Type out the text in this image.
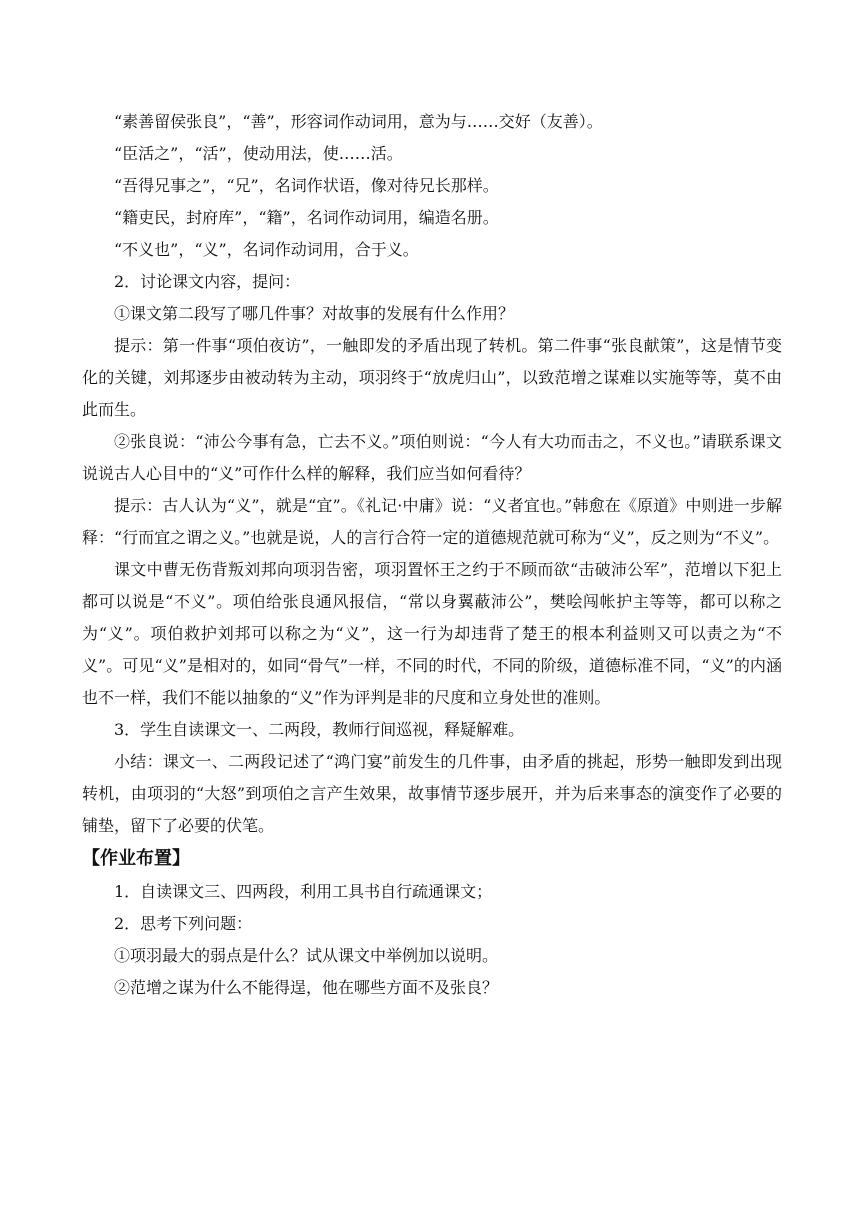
“素善留侯张良”，“善”，形容词作动词用，意为与……交好（友善）。

“臣活之”，“活”，使动用法，使……活。

“吾得兄事之”，“兄”，名词作状语，像对待兄长那样。

“籍吏民，封府库”，“籍”，名词作动词用，编造名册。

“不义也”，“义”，名词作动词用，合于义。

2．讨论课文内容，提问：

①课文第二段写了哪几件事？对故事的发展有什么作用？

提示：第一件事“项伯夜访”，一触即发的矛盾出现了转机。第二件事“张良献策”，这是情节变化的关键，刘邦逐步由被动转为主动，项羽终于“放虎归山”，以致范增之谋难以实施等等，莫不由此而生。

②张良说：“沛公今事有急，亡去不义。”项伯则说：“今人有大功而击之，不义也。”请联系课文说说古人心目中的“义”可作什么样的解释，我们应当如何看待？

提示：古人认为“义”，就是“宜”。《礼记·中庸》说：“义者宜也。”韩愈在《原道》中则进一步解释：“行而宜之谓之义。”也就是说，人的言行合符一定的道德规范就可称为“义”，反之则为“不义”。

课文中曹无伤背叛刘邦向项羽告密，项羽置怀王之约于不顾而欲“击破沛公军”，范增以下犯上都可以说是“不义”。项伯给张良通风报信，“常以身翼蔽沛公”，樊哙闯帐护主等等，都可以称之为“义”。项伯救护刘邦可以称之为“义”，这一行为却违背了楚王的根本利益则又可以责之为“不义”。可见“义”是相对的，如同“骨气”一样，不同的时代，不同的阶级，道德标准不同，“义”的内涵也不一样，我们不能以抽象的“义”作为评判是非的尺度和立身处世的准则。

3．学生自读课文一、二两段，教师行间巡视，释疑解难。

小结：课文一、二两段记述了“鸿门宴”前发生的几件事，由矛盾的挑起，形势一触即发到出现转机，由项羽的“大怒”到项伯之言产生效果，故事情节逐步展开，并为后来事态的演变作了必要的铺垫，留下了必要的伏笔。

【作业布置】

1．自读课文三、四两段，利用工具书自行疏通课文；

2．思考下列问题：

①项羽最大的弱点是什么？试从课文中举例加以说明。

②范增之谋为什么不能得逞，他在哪些方面不及张良？
